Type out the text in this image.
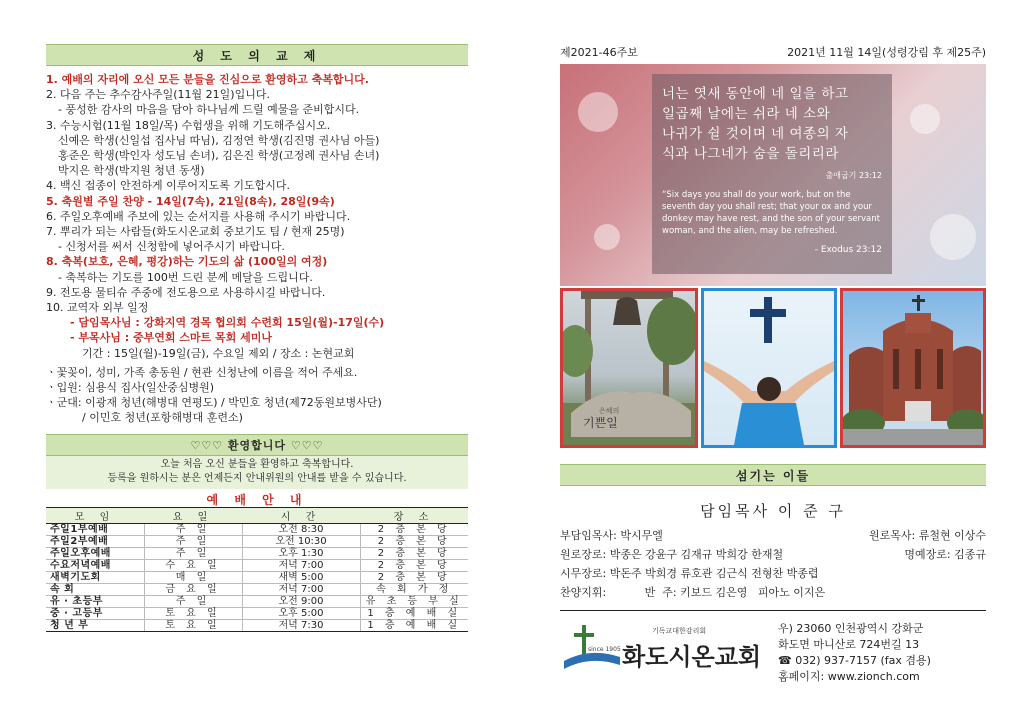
성 도 의 교 제
1. 예배의 자리에 오신 모든 분들을 진심으로 환영하고 축복합니다.
2. 다음 주는 추수감사주일(11월 21일)입니다.
- 풍성한 감사의 마음을 담아 하나님께 드릴 예물을 준비합시다.
3. 수능시험(11월 18일/목) 수험생을 위해 기도해주십시오.
신예은 학생(신일섭 집사님 따님), 김정연 학생(김진명 권사님 아들)
홍준은 학생(박인자 성도님 손녀), 김은진 학생(고정례 권사님 손녀)
박지은 학생(박지원 청년 동생)
4. 백신 접종이 안전하게 이루어지도록 기도합시다.
5. 축원별 주일 찬양 - 14일(7속), 21일(8속), 28일(9속)
6. 주일오후예배 주보에 있는 순서지를 사용해 주시기 바랍니다.
7. 뿌리가 되는 사람들(화도시온교회 중보기도 팀 / 현재 25명)
- 신청서를 써서 신청함에 넣어주시기 바랍니다.
8. 축복(보호, 은혜, 평강)하는 기도의 삶 (100일의 여정)
- 축복하는 기도를 100번 드린 분께 메달을 드립니다.
9. 전도용 물티슈 주중에 전도용으로 사용하시길 바랍니다.
10. 교역자 외부 일정
- 담임목사님 : 강화지역 경목 협의회 수련회 15일(월)-17일(수)
- 부목사님 : 중부연회 스마트 목회 세미나
기간 : 15일(월)-19일(금), 수요일 제외 / 장소 : 논현교회
ㆍ꽃꽂이, 성미, 가족 총동원 / 현관 신청난에 이름을 적어 주세요.
ㆍ입원: 심용식 집사(일산중심병원)
ㆍ군대: 이광재 청년(해병대 연평도) / 박민호 청년(제72동원보병사단)
/ 이민호 청년(포항해병대 훈련소)
♡♡♡ 환영합니다 ♡♡♡
오늘 처음 오신 분들을 환영하고 축복합니다.
등록을 원하시는 분은 언제든지 안내위원의 안내를 받을 수 있습니다.
예 배 안 내
모 임	요 일	시 간	장 소
주일1부예배	주 일	오전 8:30	2 층 본 당
주일2부예배	주 일	오전 10:30	2 층 본 당
주일오후예배	주 일	오후 1:30	2 층 본 당
수요저녁예배	수 요 일	저녁 7:00	2 층 본 당
새벽기도회	매 일	새벽 5:00	2 층 본 당
속 회	금 요 일	저녁 7:00	속 회 가 정
유 · 초등부	주 일	오전 9:00	유 초 등 부 실
중 · 고등부	토 요 일	오후 5:00	1 층 예 배 실
청 년 부	토 요 일	저녁 7:30	1 층 예 배 실
제2021-46주보	2021년 11월 14일(성령강림 후 제25주)
너는 엿새 동안에 네 일을 하고
일곱째 날에는 쉬라 네 소와
나귀가 쉴 것이며 네 여종의 자
식과 나그네가 숨을 돌리리라
출애굽기 23:12
“Six days you shall do your work, but on the seventh day you shall rest; that your ox and your donkey may have rest, and the son of your servant woman, and the alien, may be refreshed.
- Exodus 23:12
은혜의
기쁜일
섬기는 이들
담임목사 이 준 구
부담임목사: 박시무엘	원로목사: 류철현 이상수
원로장로: 박종은 강윤구 김재규 박희강 한재철	명예장로: 김종규
시무장로: 박돈주 박희경 류호관 김근식 전형찬 박종렵
찬양지휘:           반  주: 키보드 김은영   피아노 이지은
since 1905
기독교대한감리회
화도시온교회
우) 23060 인천광역시 강화군
화도면 마니산로 724번길 13
☎ 032) 937-7157 (fax 겸용)
홈페이지: www.zionch.com
